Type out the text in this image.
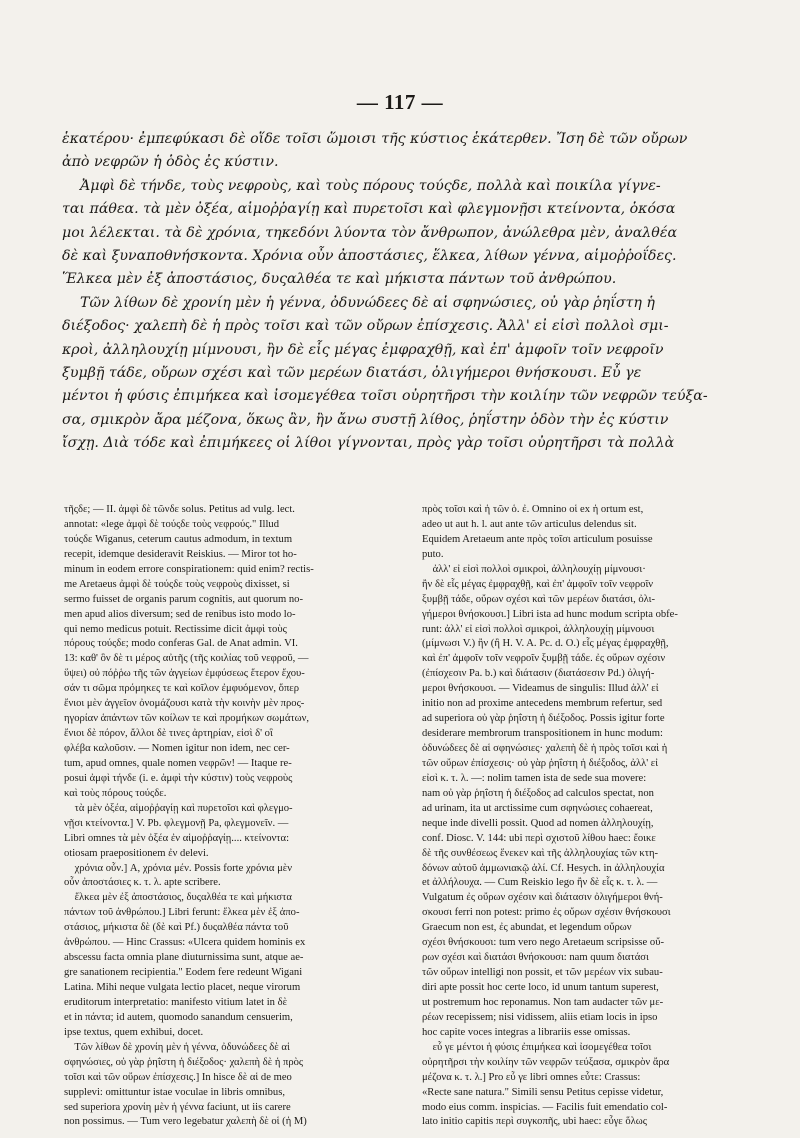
— 117 —
ἑκατέρου· ἐμπεφύκασι δὲ οἵδε τοῖσι ὥμοισι τῆς κύστιος ἑκάτερθεν. Ἴση δὲ τῶν οὔρων
ἀπὸ νεφρῶν ἡ ὁδὸς ἐς κύστιν.
Ἀμφὶ δὲ τήνδε, τοὺς νεφροὺς, καὶ τοὺς πόρους τούςδε, πολλὰ καὶ ποικίλα γίγνε-
ται πάθεα. τὰ μὲν ὀξέα, αἱμοῤῥαγίῃ καὶ πυρετοῖσι καὶ φλεγμονῇσι κτείνοντα, ὁκόσα
μοι λέλεκται. τὰ δὲ χρόνια, τηκεδόνι λύοντα τὸν ἄνθρωπον, ἀνώλεθρα μὲν, ἀναλθέα
δὲ καὶ ξυναποθνήσκοντα. Χρόνια οὖν ἀποστάσιες, ἕλκεα, λίθων γέννα, αἱμοῤῥοΐδες.
Ἕλκεα μὲν ἐξ ἀποστάσιος, δυςαλθέα τε καὶ μήκιστα πάντων τοῦ ἀνθρώπου.
Τῶν λίθων δὲ χρονίη μὲν ἡ γέννα, ὀδυνώδεες δὲ αἱ σφηνώσιες, οὐ γὰρ ῥηΐστη ἡ
διέξοδος· χαλεπὴ δὲ ἡ πρὸς τοῖσι καὶ τῶν οὔρων ἐπίσχεσις. Ἀλλ' εἰ εἰσὶ πολλοὶ σμι-
κροὶ, ἀλληλουχίῃ μίμνουσι, ἢν δὲ εἷς μέγας ἐμφραχθῇ, καὶ ἐπ' ἀμφοῖν τοῖν νεφροῖν
ξυμβῇ τάδε, οὔρων σχέσι καὶ τῶν μερέων διατάσι, ὀλιγήμεροι θνήσκουσι. Εὖ γε
μέντοι ἡ φύσις ἐπιμήκεα καὶ ἰσομεγέθεα τοῖσι οὐρητῆρσι τὴν κοιλίην τῶν νεφρῶν τεύξα-
σα, σμικρὸν ἄρα μέζονα, ὅκως ἂν, ἢν ἄνω συστῇ λίθος, ῥηΐστην ὁδὸν τὴν ἐς κύστιν
ἴσχῃ. Διὰ τόδε καὶ ἐπιμήκεες οἱ λίθοι γίγνονται, πρὸς γὰρ τοῖσι οὐρητῆρσι τὰ πολλὰ
τῆςδε; — II. ἀμφὶ δὲ τῶνδε solus. Petitus ad vulg. lect.
annotat: «lege ἀμφὶ δὲ τούςδε τοὺς νεφρούς." Illud
τούςδε Wiganus, ceterum cautus admodum, in textum
recepit, idemque desideravit Reiskius. — Miror tot ho-
minum in eodem errore conspirationem: quid enim? rectis-
me Aretaeus ἀμφὶ δὲ τούςδε τοὺς νεφροὺς dixisset, si
sermo fuisset de organis parum cognitis, aut quorum no-
men apud alios diversum; sed de renibus isto modo lo-
qui nemo medicus potuit. Rectissime dicit ἀμφὶ τοὺς
πόρους τούςδε; modo conferas Gal. de Anat admin. VI.
13: καθ' ὃν δὲ τι μέρος αὐτῆς (τῆς κοιλίας τοῦ νεφροῦ, —
ὕψει) οὐ πόῤῥω τῆς τῶν ἀγγείων ἐμφύσεως ἕτερον ἔχου-
σάν τι σῶμα πρόμηκες τε καὶ κοῖλον ἐμφυόμενον, ὅπερ
ἔνιοι μὲν ἀγγεῖον ὀνομάζουσι κατὰ τὴν κοινὴν μὲν προς-
ηγορίαν ἁπάντων τῶν κοίλων τε καὶ προμήκων σωμάτων,
ἔνιοι δὲ πόρον, ἄλλοι δὲ τινες ἀρτηρίαν, εἰσὶ δ' οἳ
φλέβα καλοῦσιν. — Nomen igitur non idem, nec cer-
tum, apud omnes, quale nomen νεφρῶν! — Itaque re-
posui ἀμφὶ τήνδε (i. e. ἀμφὶ τὴν κύστιν) τοὺς νεφροὺς
καὶ τοὺς πόρους τούςδε.
τὰ μὲν ὀξέα, αἱμοῤῥαγίῃ καὶ πυρετοῖσι καὶ φλεγμο-
νῇσι κτείνοντα.] V. Pb. φλεγμονῇ Pa, φλεγμονεῖν. —
Libri omnes τὰ μὲν ὀξέα ἐν αἱμοῤῥαγίῃ.... κτείνοντα:
otiosam praepositionem ἐν delevi.
χρόνια οὖν.] A, χρόνια μέν. Possis forte χρόνια μὲν
οὖν ἀποστάσιες κ. τ. λ. apte scribere.
ἕλκεα μὲν ἐξ ἀποστάσιος, δυςαλθέα τε καὶ μήκιστα
πάντων τοῦ ἀνθρώπου.] Libri ferunt: ἕλκεα μὲν ἐξ ἀπο-
στάσιος, μήκιστα δὲ (δὲ καὶ Pf.) δυςαλθέα πάντα τοῦ
ἀνθρώπου. — Hinc Crassus: «Ulcera quidem hominis ex
abscessu facta omnia plane diuturnissima sunt, atque ae-
gre sanationem recipientia." Eodem fere redeunt Wigani
Latina. Mihi neque vulgata lectio placet, neque virorum
eruditorum interpretatio: manifesto vitium latet in δὲ
et in πάντα; id autem, quomodo sanandum censuerim,
ipse textus, quem exhibui, docet.
Τῶν λίθων δὲ χρονίη μὲν ἡ γέννα, ὀδυνώδεες δὲ αἱ
σφηνώσιες, οὐ γὰρ ῥηΐστη ἡ διέξοδος· χαλεπὴ δὲ ἡ πρὸς
τοῖσι καὶ τῶν οὔρων ἐπίσχεσις.] In hisce δὲ αἱ de meo
supplevi: omittuntur istae voculae in libris omnibus,
sed superiora χρονίη μὲν ἡ γέννα faciunt, ut iis carere
non possimus. — Tum vero legebatur χαλεπὴ δὲ οἱ (ἡ M)
πρὸς τοῖσι καὶ ἡ τῶν ὁ. ἐ. Omnino οἱ ex ἡ ortum est,
adeo ut aut h. l. aut ante τῶν articulus delendus sit.
Equidem Aretaeum ante πρὸς τοῖσι articulum posuisse
puto.
ἀλλ' εἰ εἰσὶ πολλοὶ σμικροὶ, ἀλληλουχίῃ μίμνουσι·
ἢν δὲ εἷς μέγας ἐμφραχθῇ, καὶ ἐπ' ἀμφοῖν τοῖν νεφροῖν
ξυμβῇ τάδε, οὔρων σχέσι καὶ τῶν μερέων διατάσι, ὀλι-
γήμεροι θνήσκουσι.] Libri ista ad hunc modum scripta obfe-
runt: ἀλλ' εἰ εἰσὶ πολλοὶ σμικροὶ, ἀλληλουχίῃ μίμνουσι
(μίμνωσι V.) ἢν (ἢ H. V. A. Pc. d. O.) εἷς μέγας ἐμφραχθῇ,
καὶ ἐπ' ἀμφοῖν τοῖν νεφροῖν ξυμβῇ τάδε. ἐς οὔρων σχέσιν
(ἐπίσχεσιν Pa. b.) καὶ διάτασιν (διατάσεσιν Pd.) ὀλιγή-
μεροι θνήσκουσι. — Videamus de singulis: Illud ἀλλ' εἰ
initio non ad proxime antecedens membrum refertur, sed
ad superiora οὐ γὰρ ῥηΐστη ἡ διέξοδος. Possis igitur forte
desiderare membrorum transpositionem in hunc modum:
ὀδυνώδεες δὲ αἱ σφηνώσιες· χαλεπὴ δὲ ἡ πρὸς τοῖσι καὶ ἡ
τῶν οὔρων ἐπίσχεσις· οὐ γὰρ ῥηΐστη ἡ διέξοδος, ἀλλ' εἰ
εἰσὶ κ. τ. λ. —: nolim tamen ista de sede sua movere:
nam οὐ γὰρ ῥηΐστη ἡ διέξοδος ad calculos spectat, non
ad urinam, ita ut arctissime cum σφηνώσιες cohaereat,
neque inde divelli possit. Quod ad nomen ἀλληλουχίῃ,
conf. Diosc. V. 144: ubi περὶ σχιστοῦ λίθου haec: ἔοικε
δὲ τῆς συνθέσεως ἕνεκεν καὶ τῆς ἀλληλουχίας τῶν κτη-
δόνων αὐτοῦ ἀμμωνιακῷ ἁλί. Cf. Hesych. in ἀλληλουχία
et ἀλλήλουχα. — Cum Reiskio lego ἢν δὲ εἷς κ. τ. λ. —
Vulgatum ἐς οὔρων σχέσιν καὶ διάτασιν ὀλιγήμεροι θνή-
σκουσι ferri non potest: primo ἐς οὔρων σχέσιν θνήσκουσι
Graecum non est, ἐς abundat, et legendum οὔρων
σχέσι θνήσκουσι: tum vero nego Aretaeum scripsisse οὔ-
ρων σχέσι καὶ διατάσι θνήσκουσι: nam quum διατάσι
τῶν οὔρων intelligi non possit, et τῶν μερέων vix subau-
diri apte possit hoc certe loco, id unum tantum superest,
ut postremum hoc reponamus. Non tam audacter τῶν με-
ρέων recepissem; nisi vidissem, aliis etiam locis in ipso
hoc capite voces integras a librariis esse omissas.
εὖ γε μέντοι ἡ φύσις ἐπιμήκεα καὶ ἰσομεγέθεα τοῖσι
οὐρητῆρσι τὴν κοιλίην τῶν νεφρῶν τεύξασα, σμικρὸν ἄρα
μέζονα κ. τ. λ.] Pro εὖ γε libri omnes εὖτε: Crassus:
«Recte sane natura." Simili sensu Petitus cepisse videtur,
modo eius comm. inspicias. — Facilis fuit emendatio col-
lato initio capitis περὶ συγκοπῆς, ubi haec: εὖγε ὅλως
